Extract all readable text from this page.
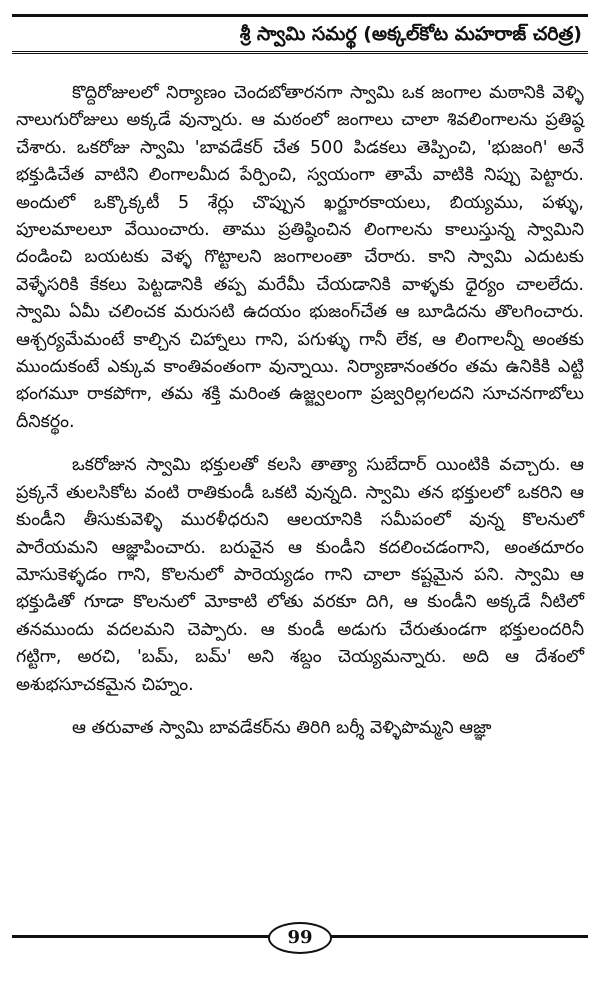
శ్రీ స్వామి సమర్థ (అక్కల్‌కోట మహరాజ్ చరిత్ర)

కొద్దిరోజులలో నిర్యాణం చెందబోతారనగా స్వామి ఒక జంగాల మఠానికి వెళ్ళి నాలుగురోజులు అక్కడే వున్నారు. ఆ మఠంలో జంగాలు చాలా శివలింగాలను ప్రతిష్ఠ చేశారు. ఒకరోజు స్వామి 'బావడేకర్ చేత 500 పిడకలు తెప్పించి, 'భుజంగి' అనే భక్తుడిచేత వాటిని లింగాలమీద పేర్పించి, స్వయంగా తామే వాటికి నిప్పు పెట్టారు. అందులో ఒక్కొక్కటీ 5 శేర్లు చొప్పున ఖర్జూరకాయలు, బియ్యము, పళ్ళు, పూలమాలలూ వేయించారు. తాము ప్రతిష్ఠించిన లింగాలను కాలుస్తున్న స్వామిని దండించి బయటకు వెళ్ళ గొట్టాలని జంగాలంతా చేరారు. కాని స్వామి ఎదుటకు వెళ్ళేసరికి కేకలు పెట్టడానికి తప్ప మరేమీ చేయడానికి వాళ్ళకు ధైర్యం చాలలేదు. స్వామి ఏమీ చలించక మరుసటి ఉదయం భుజంగ్‌చేత ఆ బూడిదను తొలగించారు. ఆశ్చర్యమేమంటే కాల్చిన చిహ్నాలు గాని, పగుళ్ళు గానీ లేక, ఆ లింగాలన్నీ అంతకు ముందుకంటే ఎక్కువ కాంతివంతంగా వున్నాయి. నిర్యాణానంతరం తమ ఉనికికి ఎట్టి భంగమూ రాకపోగా, తమ శక్తి మరింత ఉజ్జ్వలంగా ప్రజ్వరిల్లగలదని సూచనగాబోలు దీనికర్థం.

ఒకరోజున స్వామి భక్తులతో కలసి తాత్యా సుబేదార్ యింటికి వచ్చారు. ఆ ప్రక్కనే తులసికోట వంటి రాతికుండీ ఒకటి వున్నది. స్వామి తన భక్తులలో ఒకరిని ఆ కుండీని తీసుకువెళ్ళి మురళీధరుని ఆలయానికి సమీపంలో వున్న కొలనులో పారేయమని ఆజ్ఞాపించారు. బరువైన ఆ కుండీని కదలించడంగాని, అంతదూరం మోసుకెళ్ళడం గాని, కొలనులో పారెయ్యడం గాని చాలా కష్టమైన పని. స్వామి ఆ భక్తుడితో గూడా కొలనులో మోకాటి లోతు వరకూ దిగి, ఆ కుండీని అక్కడే నీటిలో తనముందు వదలమని చెప్పారు. ఆ కుండీ అడుగు చేరుతుండగా భక్తులందరినీ గట్టిగా, అరచి, 'బమ్, బమ్' అని శబ్దం చెయ్యమన్నారు. అది ఆ దేశంలో అశుభసూచకమైన చిహ్నం.

ఆ తరువాత స్వామి బావడేకర్‌ను తిరిగి బర్శీ వెళ్ళిపొమ్మని ఆజ్ఞా

99
